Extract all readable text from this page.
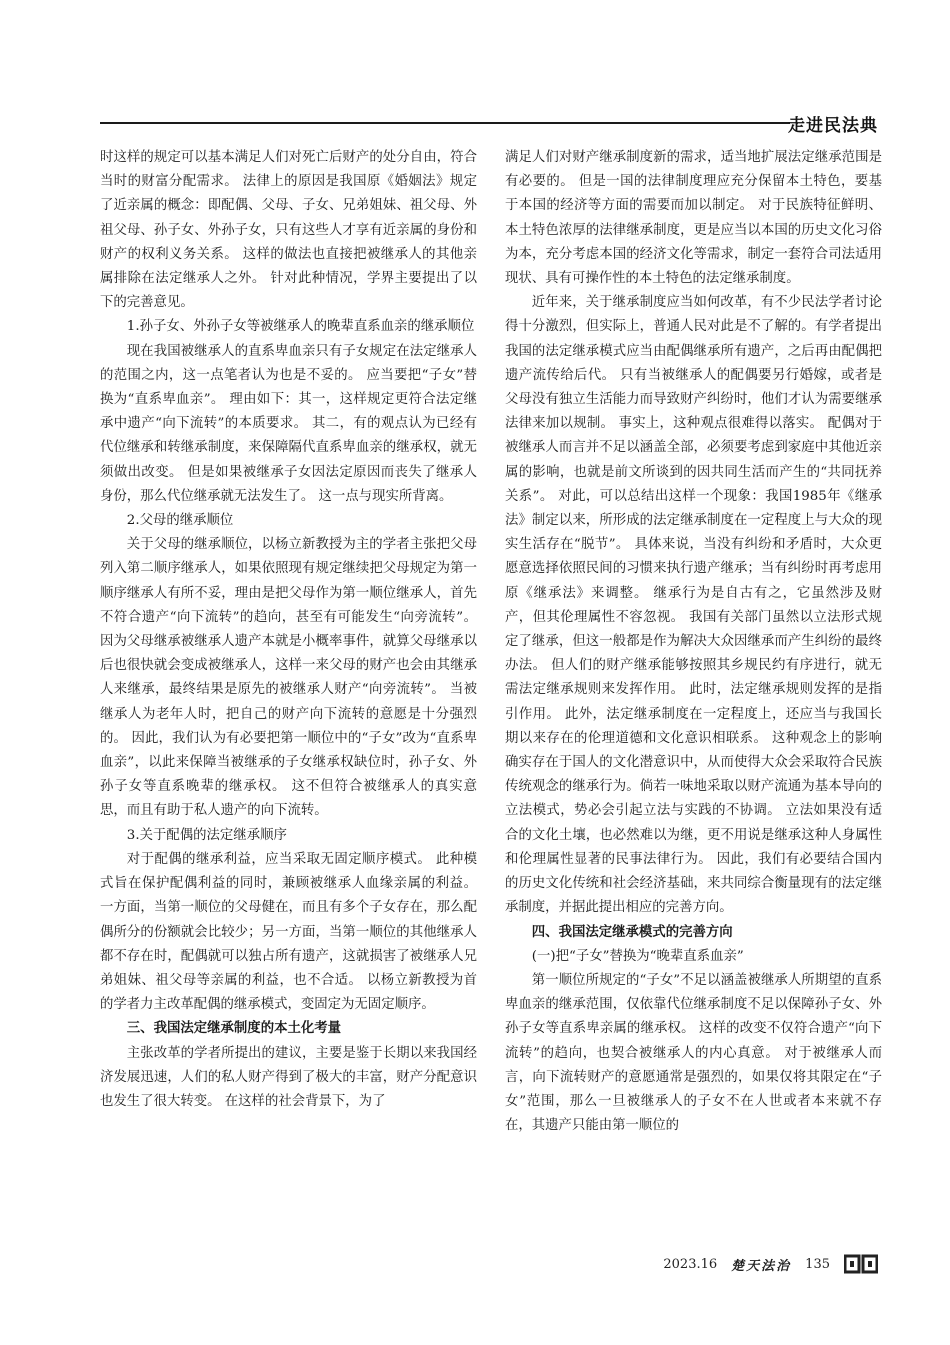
走进民法典

时这样的规定可以基本满足人们对死亡后财产的处分自由，符合当时的财富分配需求。 法律上的原因是我国原《婚姻法》规定了近亲属的概念：即配偶、父母、子女、兄弟姐妹、祖父母、外祖父母、孙子女、外孙子女，只有这些人才享有近亲属的身份和财产的权利义务关系。 这样的做法也直接把被继承人的其他亲属排除在法定继承人之外。 针对此种情况，学界主要提出了以下的完善意见。

1.孙子女、外孙子女等被继承人的晚辈直系血亲的继承顺位

现在我国被继承人的直系卑血亲只有子女规定在法定继承人的范围之内，这一点笔者认为也是不妥的。 应当要把“子女”替换为“直系卑血亲”。 理由如下：其一，这样规定更符合法定继承中遗产“向下流转”的本质要求。 其二，有的观点认为已经有代位继承和转继承制度，来保障隔代直系卑血亲的继承权，就无须做出改变。 但是如果被继承子女因法定原因而丧失了继承人身份，那么代位继承就无法发生了。 这一点与现实所背离。

2.父母的继承顺位

关于父母的继承顺位，以杨立新教授为主的学者主张把父母列入第二顺序继承人，如果依照现有规定继续把父母规定为第一顺序继承人有所不妥，理由是把父母作为第一顺位继承人，首先不符合遗产“向下流转”的趋向，甚至有可能发生“向旁流转”。 因为父母继承被继承人遗产本就是小概率事件，就算父母继承以后也很快就会变成被继承人，这样一来父母的财产也会由其继承人来继承，最终结果是原先的被继承人财产“向旁流转”。 当被继承人为老年人时，把自己的财产向下流转的意愿是十分强烈的。 因此，我们认为有必要把第一顺位中的“子女”改为“直系卑血亲”，以此来保障当被继承的子女继承权缺位时，孙子女、外孙子女等直系晚辈的继承权。 这不但符合被继承人的真实意思，而且有助于私人遗产的向下流转。

3.关于配偶的法定继承顺序

对于配偶的继承利益，应当采取无固定顺序模式。 此种模式旨在保护配偶利益的同时，兼顾被继承人血缘亲属的利益。 一方面，当第一顺位的父母健在，而且有多个子女存在，那么配偶所分的份额就会比较少；另一方面，当第一顺位的其他继承人都不存在时，配偶就可以独占所有遗产，这就损害了被继承人兄弟姐妹、祖父母等亲属的利益，也不合适。 以杨立新教授为首的学者力主改革配偶的继承模式，变固定为无固定顺序。

三、我国法定继承制度的本土化考量

主张改革的学者所提出的建议，主要是鉴于长期以来我国经济发展迅速，人们的私人财产得到了极大的丰富，财产分配意识也发生了很大转变。 在这样的社会背景下，为了

满足人们对财产继承制度新的需求，适当地扩展法定继承范围是有必要的。 但是一国的法律制度理应充分保留本土特色，要基于本国的经济等方面的需要而加以制定。 对于民族特征鲜明、本土特色浓厚的法律继承制度，更是应当以本国的历史文化习俗为本，充分考虑本国的经济文化等需求，制定一套符合司法适用现状、具有可操作性的本土特色的法定继承制度。

近年来，关于继承制度应当如何改革，有不少民法学者讨论得十分激烈，但实际上，普通人民对此是不了解的。有学者提出我国的法定继承模式应当由配偶继承所有遗产，之后再由配偶把遗产流传给后代。 只有当被继承人的配偶要另行婚嫁，或者是父母没有独立生活能力而导致财产纠纷时，他们才认为需要继承法律来加以规制。 事实上，这种观点很难得以落实。 配偶对于被继承人而言并不足以涵盖全部，必须要考虑到家庭中其他近亲属的影响，也就是前文所谈到的因共同生活而产生的“共同抚养关系”。 对此，可以总结出这样一个现象：我国1985年《继承法》制定以来，所形成的法定继承制度在一定程度上与大众的现实生活存在“脱节”。 具体来说，当没有纠纷和矛盾时，大众更愿意选择依照民间的习惯来执行遗产继承；当有纠纷时再考虑用原《继承法》来调整。 继承行为是自古有之，它虽然涉及财产，但其伦理属性不容忽视。 我国有关部门虽然以立法形式规定了继承，但这一般都是作为解决大众因继承而产生纠纷的最终办法。 但人们的财产继承能够按照其乡规民约有序进行，就无需法定继承规则来发挥作用。 此时，法定继承规则发挥的是指引作用。 此外，法定继承制度在一定程度上，还应当与我国长期以来存在的伦理道德和文化意识相联系。 这种观念上的影响确实存在于国人的文化潜意识中，从而使得大众会采取符合民族传统观念的继承行为。倘若一味地采取以财产流通为基本导向的立法模式，势必会引起立法与实践的不协调。 立法如果没有适合的文化土壤，也必然难以为继，更不用说是继承这种人身属性和伦理属性显著的民事法律行为。 因此，我们有必要结合国内的历史文化传统和社会经济基础，来共同综合衡量现有的法定继承制度，并据此提出相应的完善方向。

四、我国法定继承模式的完善方向

(一)把“子女”替换为“晚辈直系血亲”

第一顺位所规定的“子女”不足以涵盖被继承人所期望的直系卑血亲的继承范围，仅依靠代位继承制度不足以保障孙子女、外孙子女等直系卑亲属的继承权。 这样的改变不仅符合遗产“向下流转”的趋向，也契合被继承人的内心真意。 对于被继承人而言，向下流转财产的意愿通常是强烈的，如果仅将其限定在“子女”范围，那么一旦被继承人的子女不在人世或者本来就不存在，其遗产只能由第一顺位的

2023.16 楚天法治 135
